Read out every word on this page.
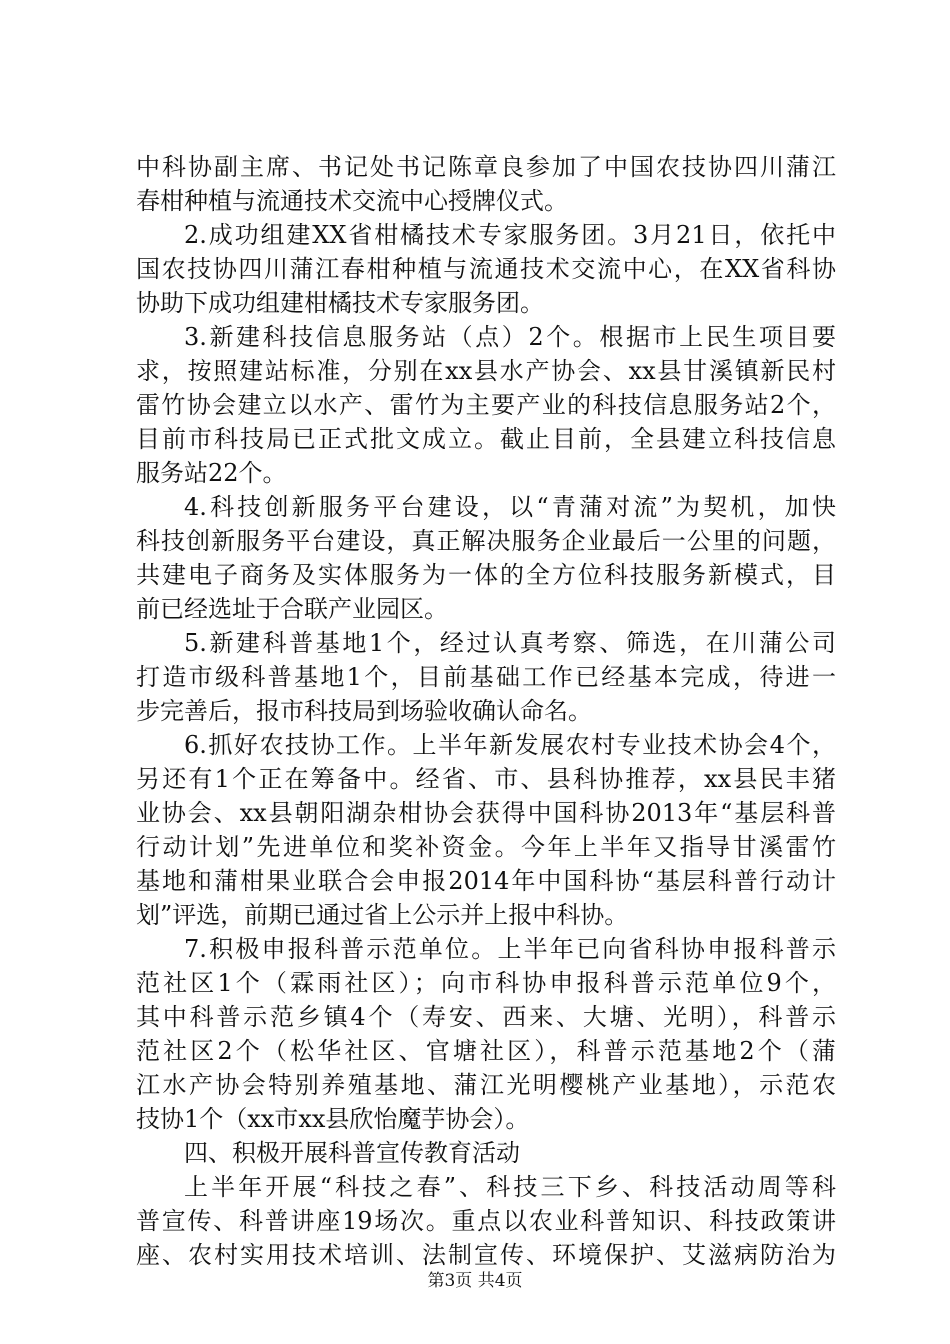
中科协副主席、书记处书记陈章良参加了中国农技协四川蒲江
春柑种植与流通技术交流中心授牌仪式。
2.成功组建XX省柑橘技术专家服务团。3月21日，依托中
国农技协四川蒲江春柑种植与流通技术交流中心，在XX省科协
协助下成功组建柑橘技术专家服务团。
3.新建科技信息服务站（点）2个。根据市上民生项目要
求，按照建站标准，分别在xx县水产协会、xx县甘溪镇新民村
雷竹协会建立以水产、雷竹为主要产业的科技信息服务站2个，
目前市科技局已正式批文成立。截止目前，全县建立科技信息
服务站22个。
4.科技创新服务平台建设，以“青蒲对流”为契机，加快
科技创新服务平台建设，真正解决服务企业最后一公里的问题，
共建电子商务及实体服务为一体的全方位科技服务新模式，目
前已经选址于合联产业园区。
5.新建科普基地1个，经过认真考察、筛选，在川蒲公司
打造市级科普基地1个，目前基础工作已经基本完成，待进一
步完善后，报市科技局到场验收确认命名。
6.抓好农技协工作。上半年新发展农村专业技术协会4个，
另还有1个正在筹备中。经省、市、县科协推荐，xx县民丰猪
业协会、xx县朝阳湖杂柑协会获得中国科协2013年“基层科普
行动计划”先进单位和奖补资金。今年上半年又指导甘溪雷竹
基地和蒲柑果业联合会申报2014年中国科协“基层科普行动计
划”评选，前期已通过省上公示并上报中科协。
7.积极申报科普示范单位。上半年已向省科协申报科普示
范社区1个（霖雨社区）；向市科协申报科普示范单位9个，
其中科普示范乡镇4个（寿安、西来、大塘、光明），科普示
范社区2个（松华社区、官塘社区），科普示范基地2个（蒲
江水产协会特别养殖基地、蒲江光明樱桃产业基地），示范农
技协1个（xx市xx县欣怡魔芋协会）。
四、积极开展科普宣传教育活动
上半年开展“科技之春”、科技三下乡、科技活动周等科
普宣传、科普讲座19场次。重点以农业科普知识、科技政策讲
座、农村实用技术培训、法制宣传、环境保护、艾滋病防治为
第3页 共4页
